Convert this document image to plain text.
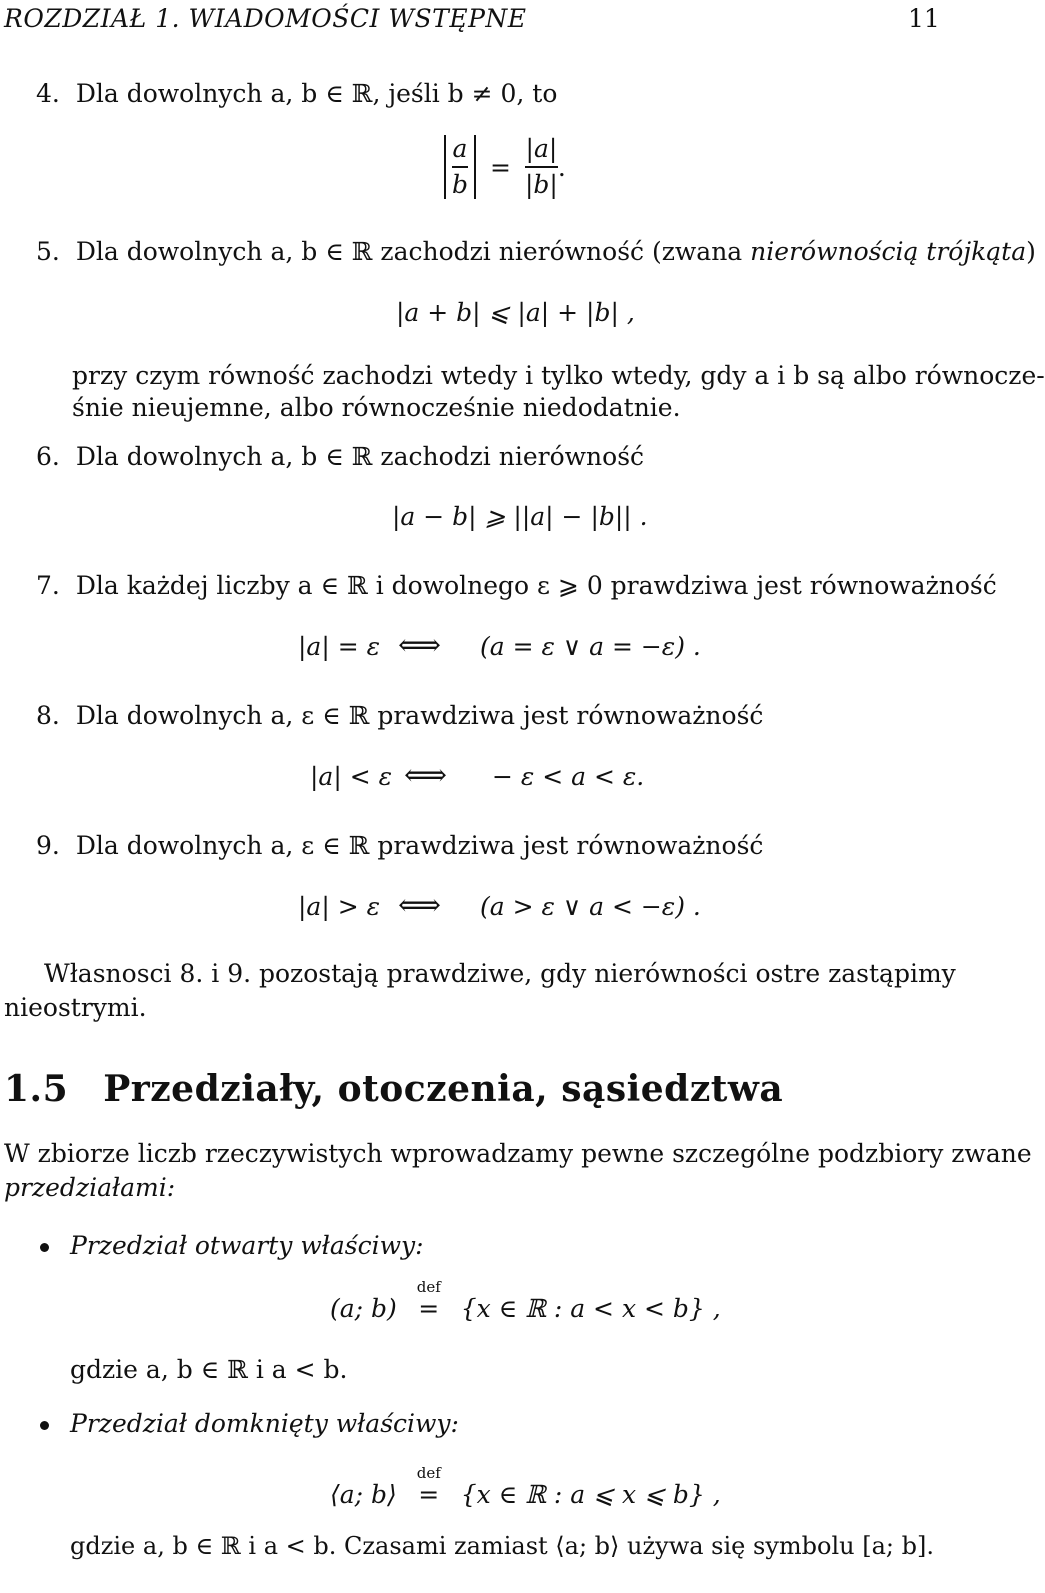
ROZDZIAŁ 1. WIADOMOŚCI WSTĘPNE	11
4. Dla dowolnych a, b ∈ ℝ, jeśli b ≠ 0, to
$\frac{a}{b} = \frac{|a|}{|b|}$ .
5. Dla dowolnych a, b ∈ ℝ zachodzi nierówność (zwana nierównością trójkąta)
|a + b| ⩽ |a| + |b| ,
przy czym równość zachodzi wtedy i tylko wtedy, gdy a i b są albo równocze-
śnie nieujemne, albo równocześnie niedodatnie.
6. Dla dowolnych a, b ∈ ℝ zachodzi nierówność
|a − b| ⩾ ||a| − |b|| .
7. Dla każdej liczby a ∈ ℝ i dowolnego ε ⩾ 0 prawdziwa jest równoważność
|a| = ε ⟺ (a = ε ∨ a = −ε) .
8. Dla dowolnych a, ε ∈ ℝ prawdziwa jest równoważność
|a| < ε ⟺ − ε < a < ε.
9. Dla dowolnych a, ε ∈ ℝ prawdziwa jest równoważność
|a| > ε ⟺ (a > ε ∨ a < −ε) .
Własnosci 8. i 9. pozostają prawdziwe, gdy nierówności ostre zastąpimy
nieostrymi.
1.5 Przedziały, otoczenia, sąsiedztwa
W zbiorze liczb rzeczywistych wprowadzamy pewne szczególne podzbiory zwane
przedziałami:
Przedział otwarty właściwy:
(a; b)
def
= {x ∈ ℝ : a < x < b} ,
gdzie a, b ∈ ℝ i a < b.
Przedział domknięty właściwy:
⟨a; b⟩
def
= {x ∈ ℝ : a ⩽ x ⩽ b} ,
gdzie a, b ∈ ℝ i a < b. Czasami zamiast ⟨a; b⟩ używa się symbolu [a; b].
